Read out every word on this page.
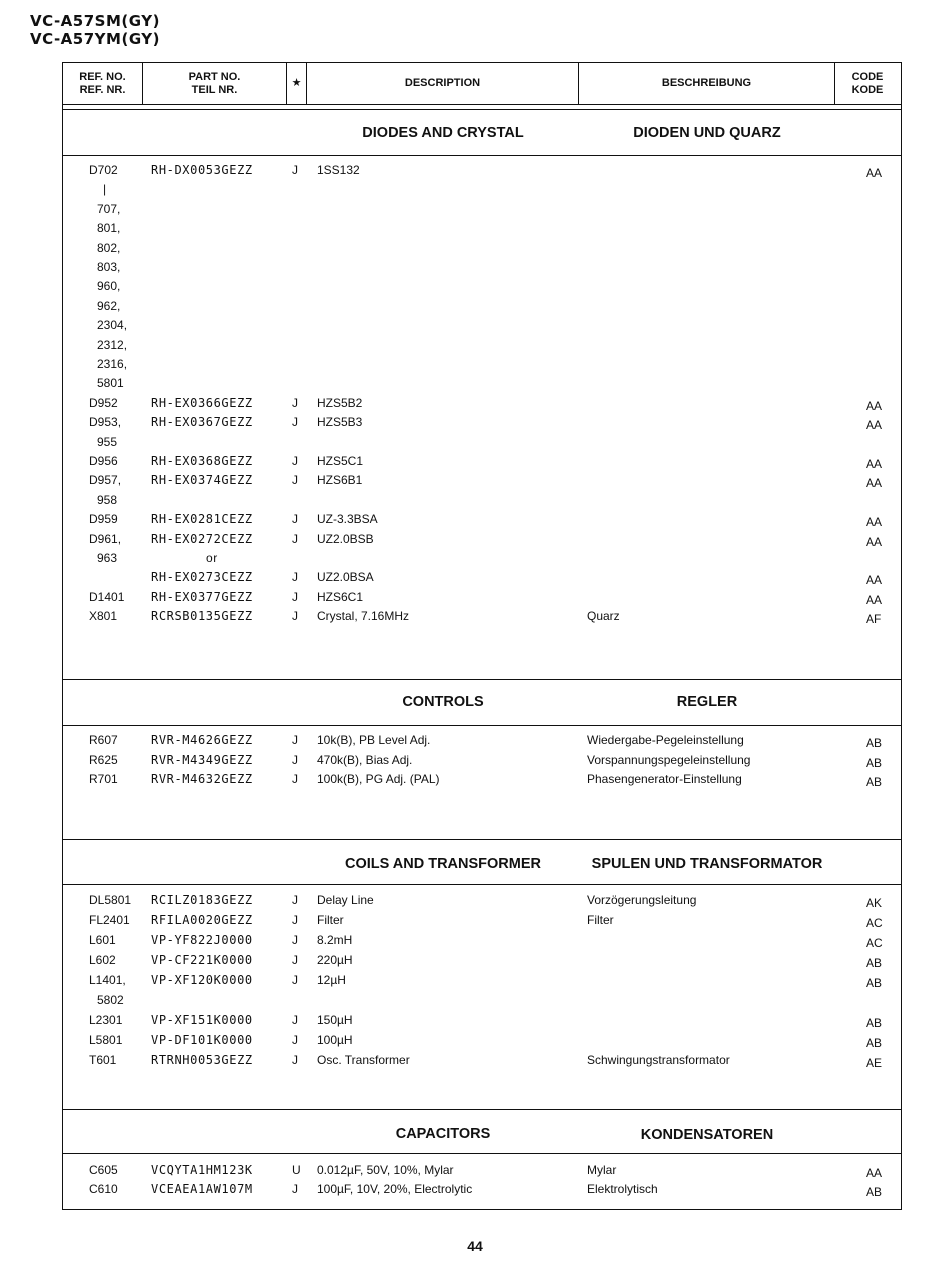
VC-A57SM(GY)
VC-A57YM(GY)
REF. NO.
REF. NR.
PART NO.
TEIL NR.
★	DESCRIPTION	BESCHREIBUNG
CODE
KODE
DIODES AND CRYSTAL	DIODEN UND QUARZ
D702	RH-DX0053GEZZ	J 1SS132	AA
|
707,
801,
802,
803,
960,
962,
2304,
2312,
2316,
5801
D952	RH-EX0366GEZZ	J HZS5B2	AA
D953, RH-EX0367GEZZ	J HZS5B3	AA
955
D956	RH-EX0368GEZZ	J HZS5C1	AA
D957, RH-EX0374GEZZ	J HZS6B1	AA
958
D959	RH-EX0281CEZZ	J UZ-3.3BSA	AA
D961, RH-EX0272CEZZ	J UZ2.0BSB	AA
963	or
RH-EX0273CEZZ	J UZ2.0BSA	AA
D1401 RH-EX0377GEZZ	J HZS6C1	AA
X801	RCRSB0135GEZZ	J Crystal, 7.16MHz	Quarz	AF
CONTROLS	REGLER
R607	RVR-M4626GEZZ	J 10k(B), PB Level Adj.	Wiedergabe-Pegeleinstellung	AB
R625	RVR-M4349GEZZ	J 470k(B), Bias Adj.	Vorspannungspegeleinstellung	AB
R701	RVR-M4632GEZZ	J 100k(B), PG Adj. (PAL)	Phasengenerator-Einstellung	AB
COILS AND TRANSFORMER	SPULEN UND TRANSFORMATOR
DL5801 RCILZ0183GEZZ	J Delay Line	Vorzögerungsleitung	AK
FL2401 RFILA0020GEZZ	J Filter	Filter	AC
L601	VP-YF822J0000	J 8.2mH	AC
L602	VP-CF221K0000	J 220µH	AB
L1401, VP-XF120K0000	J 12µH	AB
5802
L2301 VP-XF151K0000	J 150µH	AB
L5801 VP-DF101K0000	J 100µH	AB
T601	RTRNH0053GEZZ	J Osc. Transformer	Schwingungstransformator	AE
CAPACITORS	KONDENSATOREN
C605	VCQYTA1HM123K	U 0.012µF, 50V, 10%, Mylar	Mylar	AA
C610	VCEAEA1AW107M	J 100µF, 10V, 20%, Electrolytic	Elektrolytisch	AB
44
